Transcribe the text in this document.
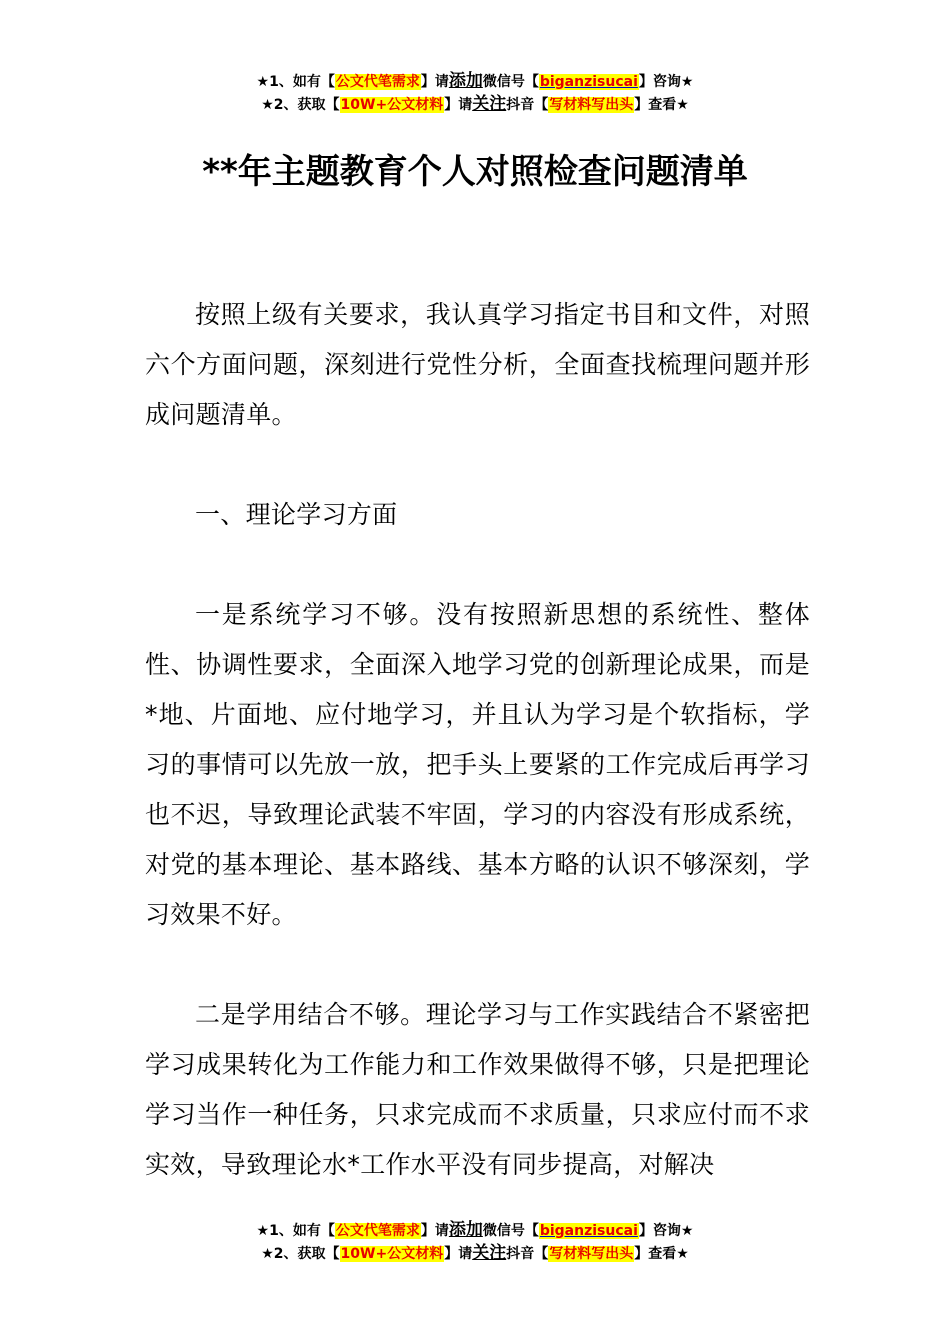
★1、如有【公文代笔需求】请添加微信号【biganzisucai】咨询★
★2、获取【10W+公文材料】请关注抖音【写材料写出头】查看★
**年主题教育个人对照检查问题清单

按照上级有关要求，我认真学习指定书目和文件，对照六个方面问题，深刻进行党性分析，全面查找梳理问题并形成问题清单。

一、理论学习方面

一是系统学习不够。没有按照新思想的系统性、整体性、协调性要求，全面深入地学习党的创新理论成果，而是*地、片面地、应付地学习，并且认为学习是个软指标，学习的事情可以先放一放，把手头上要紧的工作完成后再学习也不迟，导致理论武装不牢固，学习的内容没有形成系统，对党的基本理论、基本路线、基本方略的认识不够深刻，学习效果不好。

二是学用结合不够。理论学习与工作实践结合不紧密把学习成果转化为工作能力和工作效果做得不够，只是把理论学习当作一种任务，只求完成而不求质量，只求应付而不求实效，导致理论水*工作水平没有同步提高，对解决

★1、如有【公文代笔需求】请添加微信号【biganzisucai】咨询★
★2、获取【10W+公文材料】请关注抖音【写材料写出头】查看★
